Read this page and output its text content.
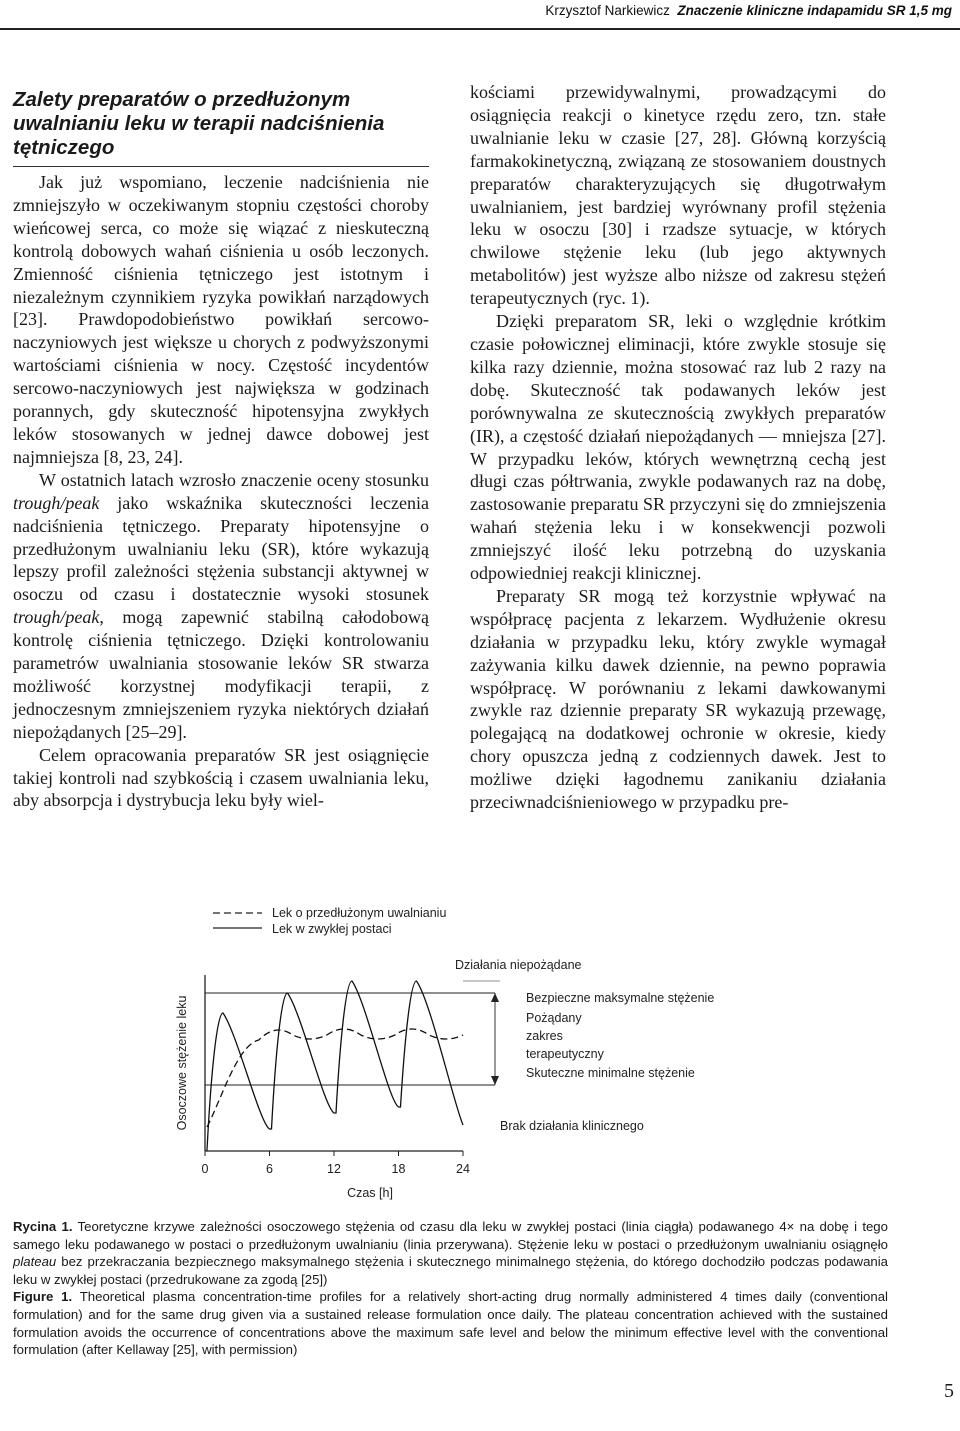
Krzysztof Narkiewicz Znaczenie kliniczne indapamidu SR 1,5 mg
Zalety preparatów o przedłużonym uwalnianiu leku w terapii nadciśnienia tętniczego

Jak już wspomiano, leczenie nadciśnienia nie zmniejszyło w oczekiwanym stopniu częstości choroby wieńcowej serca, co może się wiązać z nieskuteczną kontrolą dobowych wahań ciśnienia u osób leczonych. Zmienność ciśnienia tętniczego jest istotnym i niezależnym czynnikiem ryzyka powikłań narządowych [23]. Prawdopodobieństwo powikłań sercowo-naczyniowych jest większe u chorych z podwyższonymi wartościami ciśnienia w nocy. Częstość incydentów sercowo-naczyniowych jest największa w godzinach porannych, gdy skuteczność hipotensyjna zwykłych leków stosowanych w jednej dawce dobowej jest najmniejsza [8, 23, 24].

W ostatnich latach wzrosło znaczenie oceny stosunku trough/peak jako wskaźnika skuteczności leczenia nadciśnienia tętniczego. Preparaty hipotensyjne o przedłużonym uwalnianiu leku (SR), które wykazują lepszy profil zależności stężenia substancji aktywnej w osoczu od czasu i dostatecznie wysoki stosunek trough/peak, mogą zapewnić stabilną całodobową kontrolę ciśnienia tętniczego. Dzięki kontrolowaniu parametrów uwalniania stosowanie leków SR stwarza możliwość korzystnej modyfikacji terapii, z jednoczesnym zmniejszeniem ryzyka niektórych działań niepożądanych [25–29].

Celem opracowania preparatów SR jest osiągnięcie takiej kontroli nad szybkością i czasem uwalniania leku, aby absorpcja i dystrybucja leku były wiel-

kościami przewidywalnymi, prowadzącymi do osiągnięcia reakcji o kinetyce rzędu zero, tzn. stałe uwalnianie leku w czasie [27, 28]. Główną korzyścią farmakokinetyczną, związaną ze stosowaniem doustnych preparatów charakteryzujących się długotrwałym uwalnianiem, jest bardziej wyrównany profil stężenia leku w osoczu [30] i rzadsze sytuacje, w których chwilowe stężenie leku (lub jego aktywnych metabolitów) jest wyższe albo niższe od zakresu stężeń terapeutycznych (ryc. 1).

Dzięki preparatom SR, leki o względnie krótkim czasie połowicznej eliminacji, które zwykle stosuje się kilka razy dziennie, można stosować raz lub 2 razy na dobę. Skuteczność tak podawanych leków jest porównywalna ze skutecznością zwykłych preparatów (IR), a częstość działań niepożądanych — mniejsza [27]. W przypadku leków, których wewnętrzną cechą jest długi czas półtrwania, zwykle podawanych raz na dobę, zastosowanie preparatu SR przyczyni się do zmniejszenia wahań stężenia leku i w konsekwencji pozwoli zmniejszyć ilość leku potrzebną do uzyskania odpowiedniej reakcji klinicznej.

Preparaty SR mogą też korzystnie wpływać na współpracę pacjenta z lekarzem. Wydłużenie okresu działania w przypadku leku, który zwykle wymagał zażywania kilku dawek dziennie, na pewno poprawia współpracę. W porównaniu z lekami dawkowanymi zwykle raz dziennie preparaty SR wykazują przewagę, polegającą na dodatkowej ochronie w okresie, kiedy chory opuszcza jedną z codziennych dawek. Jest to możliwe dzięki łagodnemu zanikaniu działania przeciwnadciśnieniowego w przypadku pre-

Lek o przedłużonym uwalnianiu
Lek w zwykłej postaci
Osoczowe stężenie leku
0	6	12	18	24
Czas [h]
Działania niepożądane
Bezpieczne maksymalne stężenie
Pożądany
zakres
terapeutyczny
Skuteczne minimalne stężenie
Brak działania klinicznego

Rycina 1. Teoretyczne krzywe zależności osoczowego stężenia od czasu dla leku w zwykłej postaci (linia ciągła) podawanego 4× na dobę i tego samego leku podawanego w postaci o przedłużonym uwalnianiu (linia przerywana). Stężenie leku w postaci o przedłużonym uwalnianiu osiągnęło plateau bez przekraczania bezpiecznego maksymalnego stężenia i skutecznego minimalnego stężenia, do którego dochodziło podczas podawania leku w zwykłej postaci (przedrukowane za zgodą [25])

Figure 1. Theoretical plasma concentration-time profiles for a relatively short-acting drug normally administered 4 times daily (conventional formulation) and for the same drug given via a sustained release formulation once daily. The plateau concentration achieved with the sustained formulation avoids the occurrence of concentrations above the maximum safe level and below the minimum effective level with the conventional formulation (after Kellaway [25], with permission)

5
